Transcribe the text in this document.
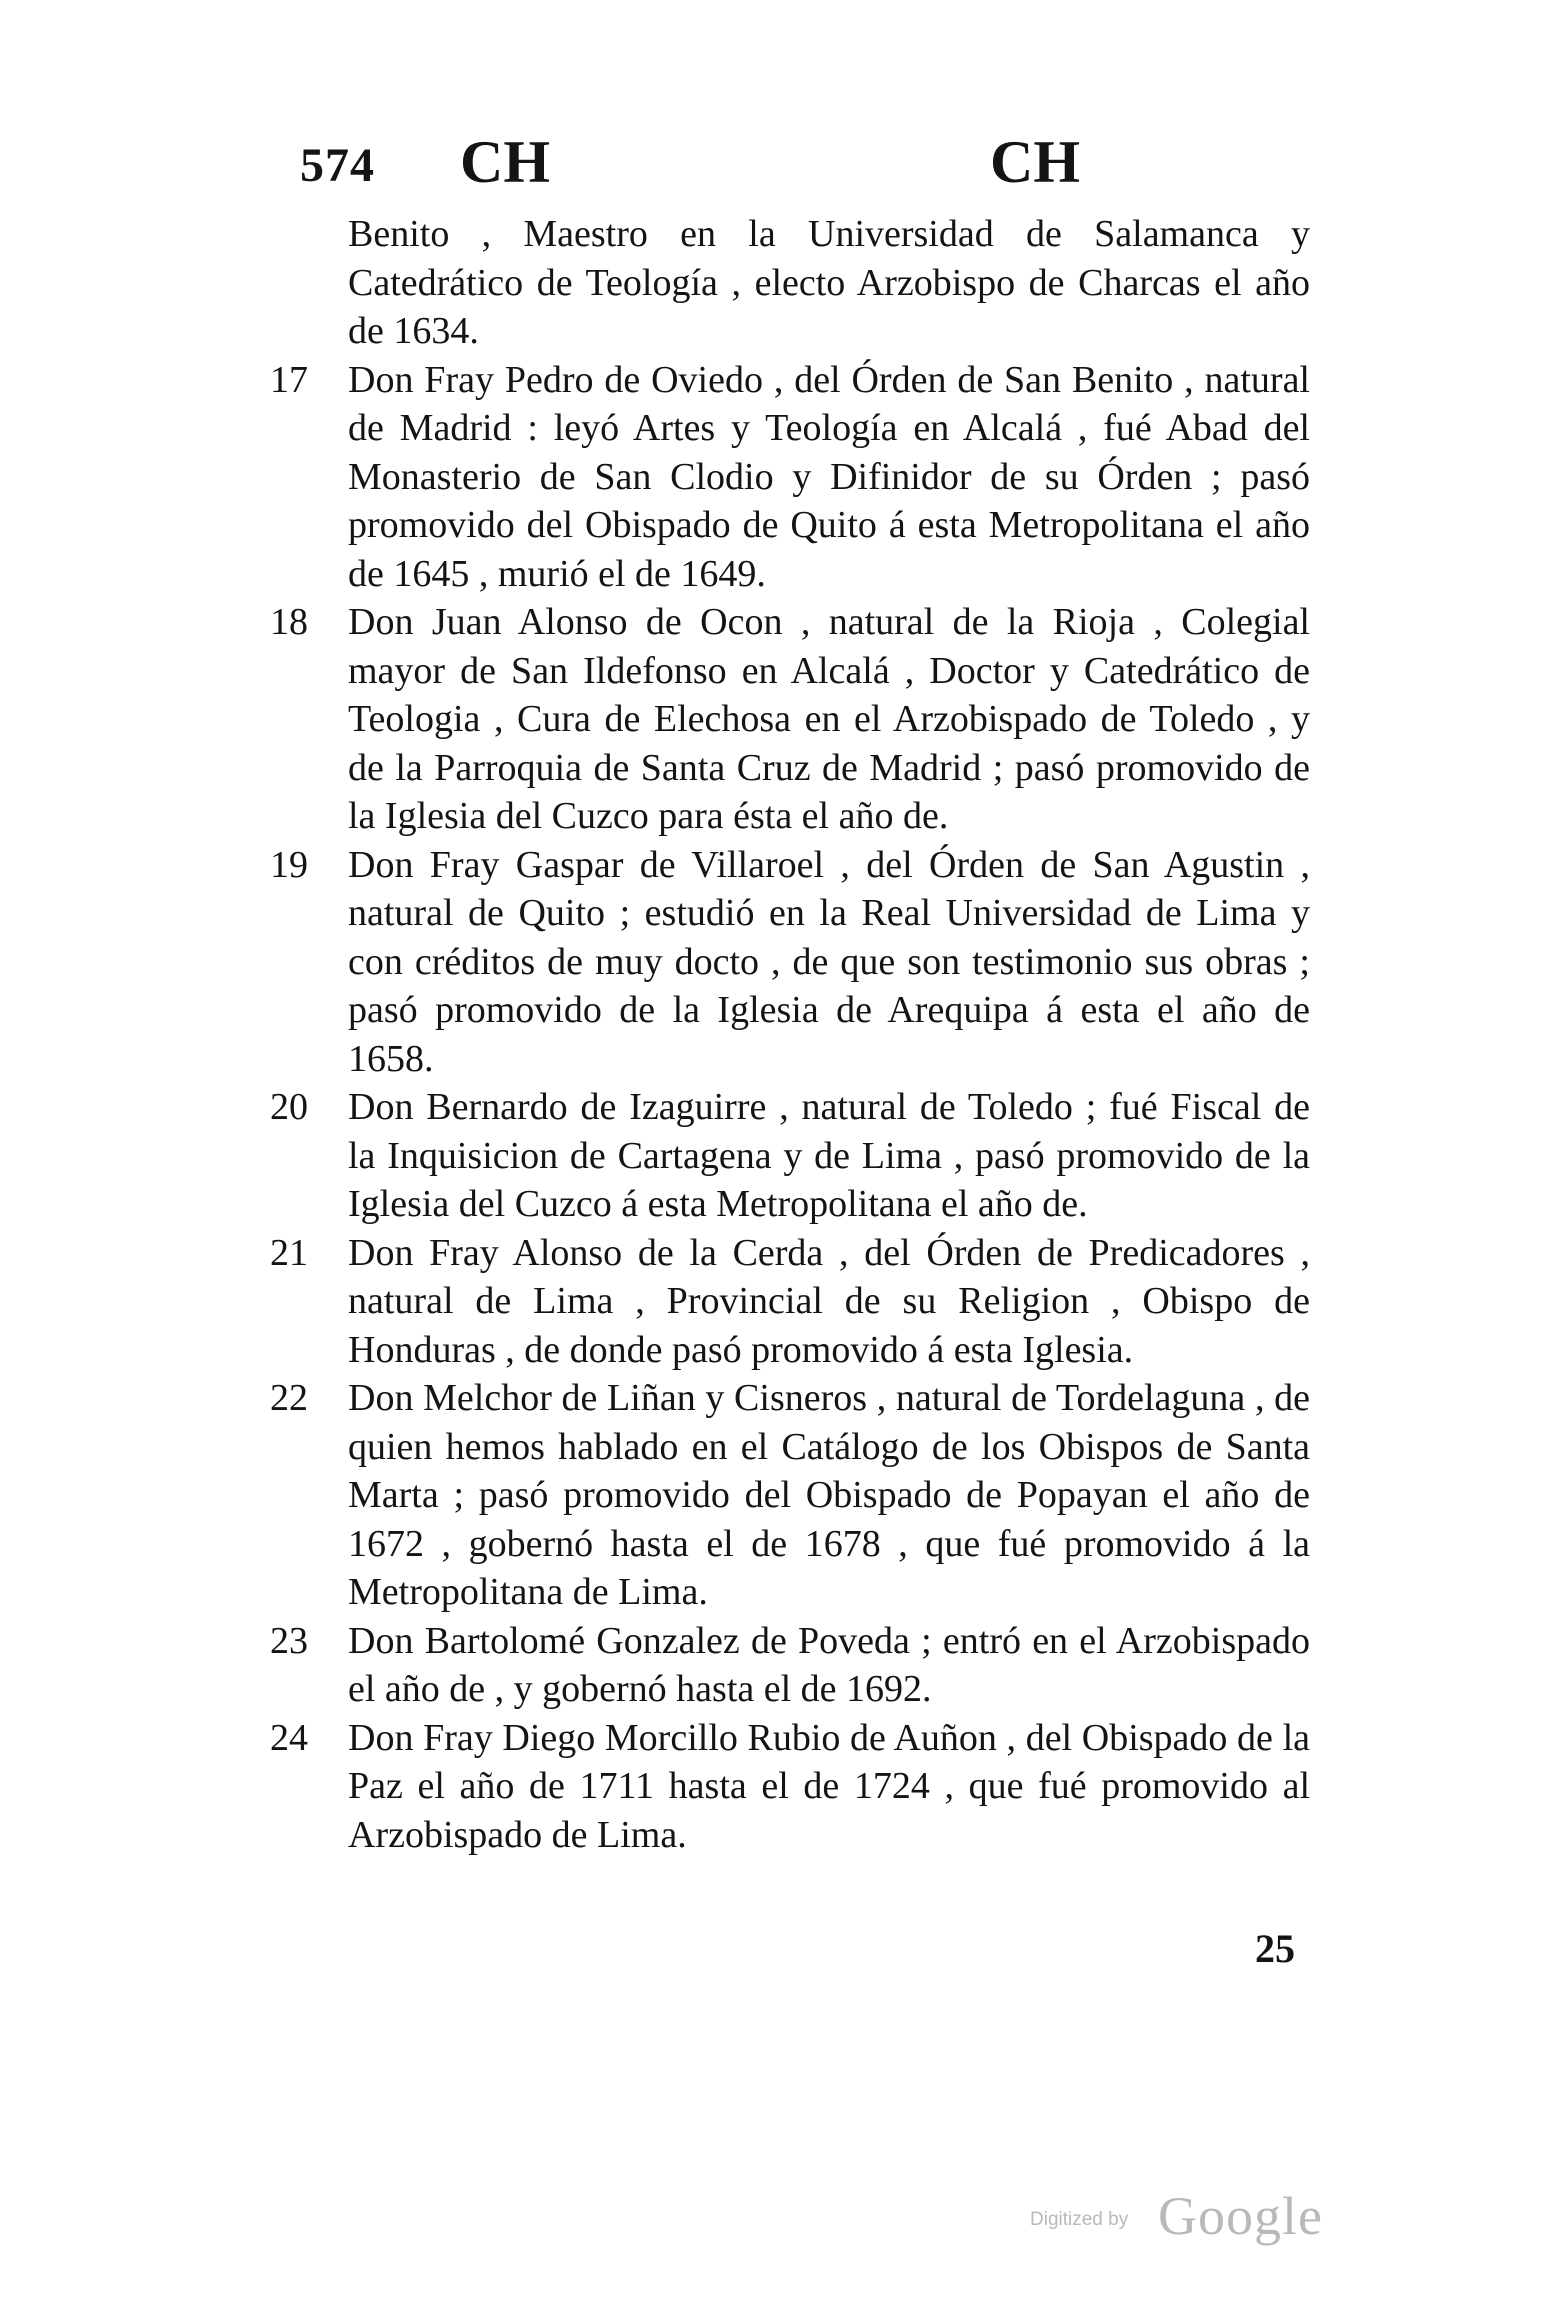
574 CH	CH

Benito , Maestro en la Universidad de Salamanca y Catedrático de Teología , electo Arzobispo de Charcas el año de 1634.

17	Don Fray Pedro de Oviedo , del Órden de San Benito , natural de Madrid : leyó Artes y Teología en Alcalá , fué Abad del Monasterio de San Clodio y Difinidor de su Órden ; pasó promovido del Obispado de Quito á esta Metropolitana el año de 1645 , murió el de 1649.

18	Don Juan Alonso de Ocon , natural de la Rioja , Colegial mayor de San Ildefonso en Alcalá , Doctor y Catedrático de Teologia , Cura de Elechosa en el Arzobispado de Toledo , y de la Parroquia de Santa Cruz de Madrid ; pasó promovido de la Iglesia del Cuzco para ésta el año de.

19	Don Fray Gaspar de Villaroel , del Órden de San Agustin , natural de Quito ; estudió en la Real Universidad de Lima y con créditos de muy docto , de que son testimonio sus obras ; pasó promovido de la Iglesia de Arequipa á esta el año de 1658.

20	Don Bernardo de Izaguirre , natural de Toledo ; fué Fiscal de la Inquisicion de Cartagena y de Lima , pasó promovido de la Iglesia del Cuzco á esta Metropolitana el año de.

21	Don Fray Alonso de la Cerda , del Órden de Predicadores , natural de Lima , Provincial de su Religion , Obispo de Honduras , de donde pasó promovido á esta Iglesia.

22	Don Melchor de Liñan y Cisneros , natural de Tordelaguna , de quien hemos hablado en el Catálogo de los Obispos de Santa Marta ; pasó promovido del Obispado de Popayan el año de 1672 , gobernó hasta el de 1678 , que fué promovido á la Metropolitana de Lima.

23	Don Bartolomé Gonzalez de Poveda ; entró en el Arzobispado el año de , y gobernó hasta el de 1692.

24	Don Fray Diego Morcillo Rubio de Auñon , del Obispado de la Paz el año de 1711 hasta el de 1724 , que fué promovido al Arzobispado de Lima.

25
Digitized by Google
